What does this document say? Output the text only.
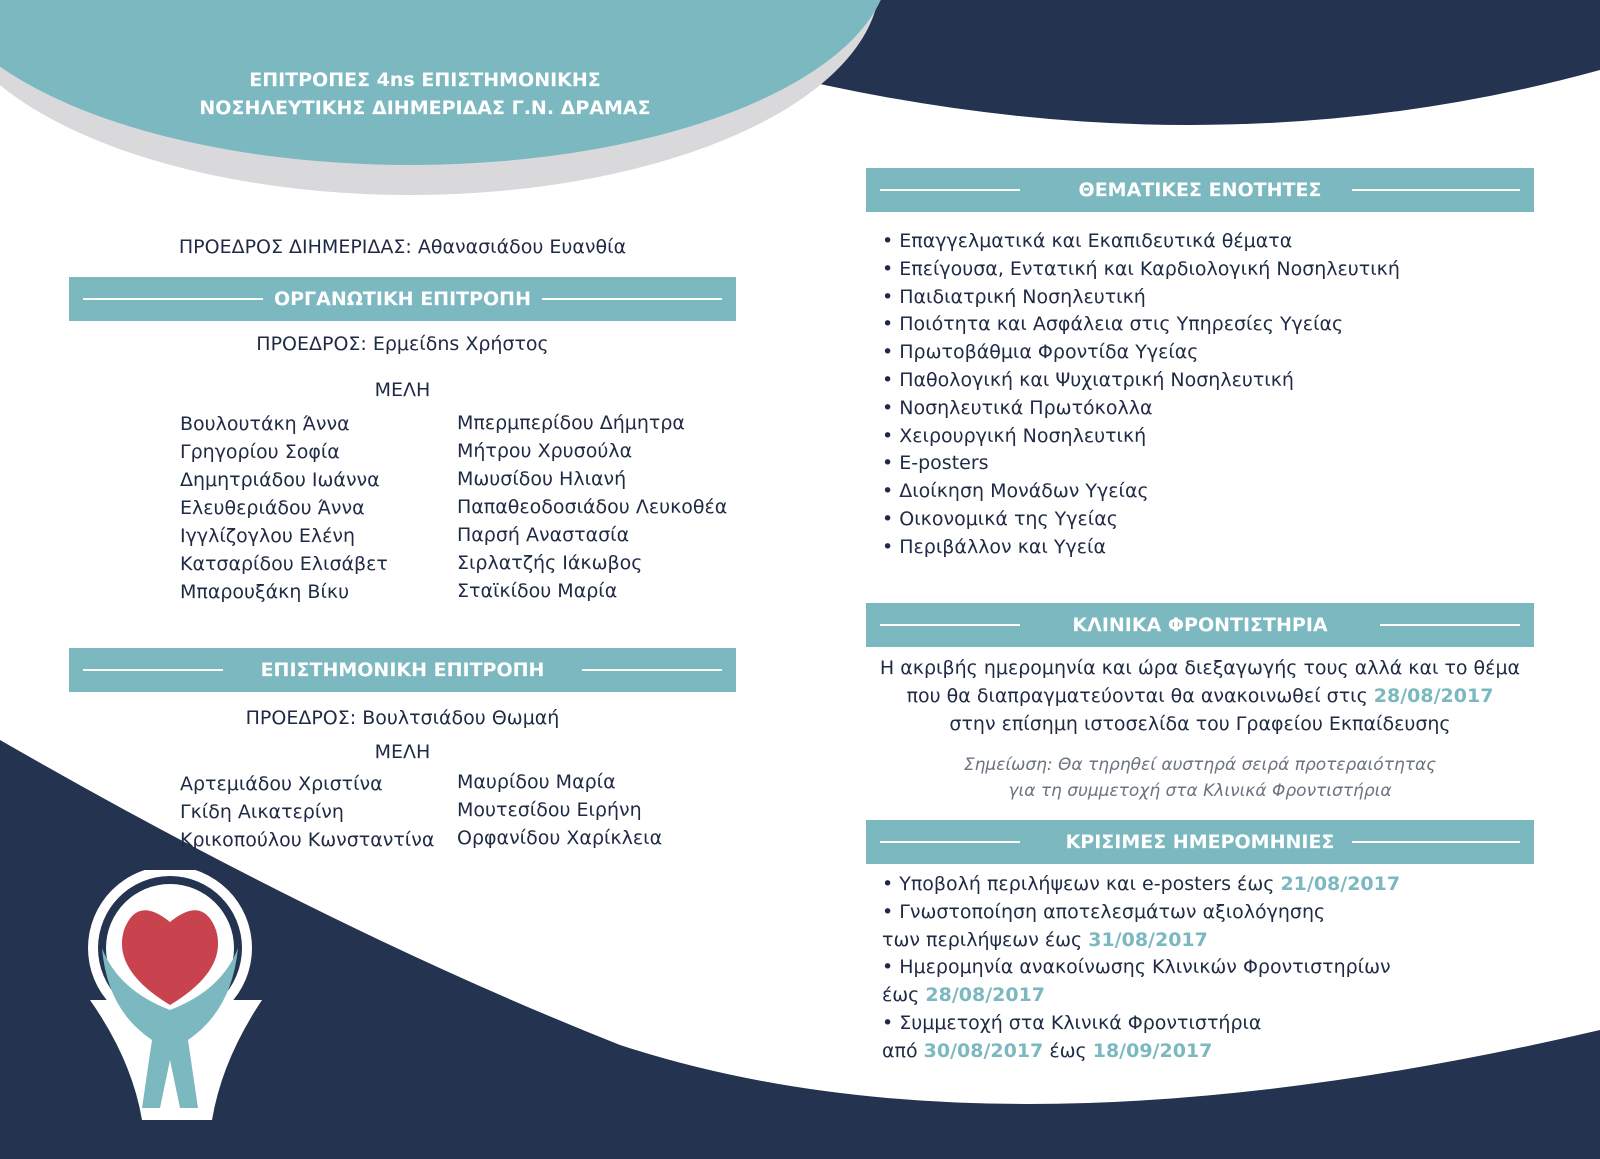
ΕΠΙΤΡΟΠΕΣ 4ns ΕΠΙΣΤΗΜΟΝΙΚΗΣ
ΝΟΣΗΛΕΥΤΙΚΗΣ ΔΙΗΜΕΡΙΔΑΣ Γ.Ν. ΔΡΑΜΑΣ
ΠΡΟΕΔΡΟΣ ΔΙΗΜΕΡΙΔΑΣ: Αθανασιάδου Ευανθία
ΟΡΓΑΝΩΤΙΚΗ ΕΠΙΤΡΟΠΗ
ΠΡΟΕΔΡΟΣ: Ερμείδns Χρήστος
ΜΕΛΗ
Βουλουτάκη Άννα
Γρηγορίου Σοφία
Δημητριάδου Ιωάννα
Ελευθεριάδου Άννα
Ιγγλίζογλου Ελένη
Κατσαρίδου Ελισάβετ
Μπαρουξάκη Βίκυ
Μπερμπερίδου Δήμητρα
Μήτρου Χρυσούλα
Μωυσίδου Ηλιανή
Παπαθεοδοσιάδου Λευκοθέα
Παρσή Αναστασία
Σιρλατζής Ιάκωβος
Σταϊκίδου Μαρία
ΕΠΙΣΤΗΜΟΝΙΚΗ ΕΠΙΤΡΟΠΗ
ΠΡΟΕΔΡΟΣ: Βουλτσιάδου Θωμαή
ΜΕΛΗ
Αρτεμιάδου Χριστίνα
Γκίδη Αικατερίνη
Κρικοπούλου Κωνσταντίνα
Μαυρίδου Μαρία
Μουτεσίδου Ειρήνη
Ορφανίδου Χαρίκλεια
ΘΕΜΑΤΙΚΕΣ ΕΝΟΤΗΤΕΣ
• Επαγγελματικά και Εκαπιδευτικά θέματα
• Επείγουσα, Εντατική και Καρδιολογική Νοσηλευτική
• Παιδιατρική Νοσηλευτική
• Ποιότητα και Ασφάλεια στις Υπηρεσίες Υγείας
• Πρωτοβάθμια Φροντίδα Υγείας
• Παθολογική και Ψυχιατρική Νοσηλευτική
• Νοσηλευτικά Πρωτόκολλα
• Χειρουργική Νοσηλευτική
• E-posters
• Διοίκηση Μονάδων Υγείας
• Οικονομικά της Υγείας
• Περιβάλλον και Υγεία
ΚΛΙΝΙΚΑ ΦΡΟΝΤΙΣΤΗΡΙΑ
Η ακριβής ημερομηνία και ώρα διεξαγωγής τους αλλά και το θέμα
που θα διαπραγματεύονται θα ανακοινωθεί στις 28/08/2017
στην επίσημη ιστοσελίδα του Γραφείου Εκπαίδευσης
Σημείωση: Θα τηρηθεί αυστηρά σειρά προτεραιότητας
για τη συμμετοχή στα Κλινικά Φροντιστήρια
ΚΡΙΣΙΜΕΣ ΗΜΕΡΟΜΗΝΙΕΣ
• Υποβολή περιλήψεων και e-posters έως 21/08/2017
• Γνωστοποίηση αποτελεσμάτων αξιολόγησης
των περιλήψεων έως 31/08/2017
• Ημερομηνία ανακοίνωσης Κλινικών Φροντιστηρίων
έως 28/08/2017
• Συμμετοχή στα Κλινικά Φροντιστήρια
από 30/08/2017 έως 18/09/2017
